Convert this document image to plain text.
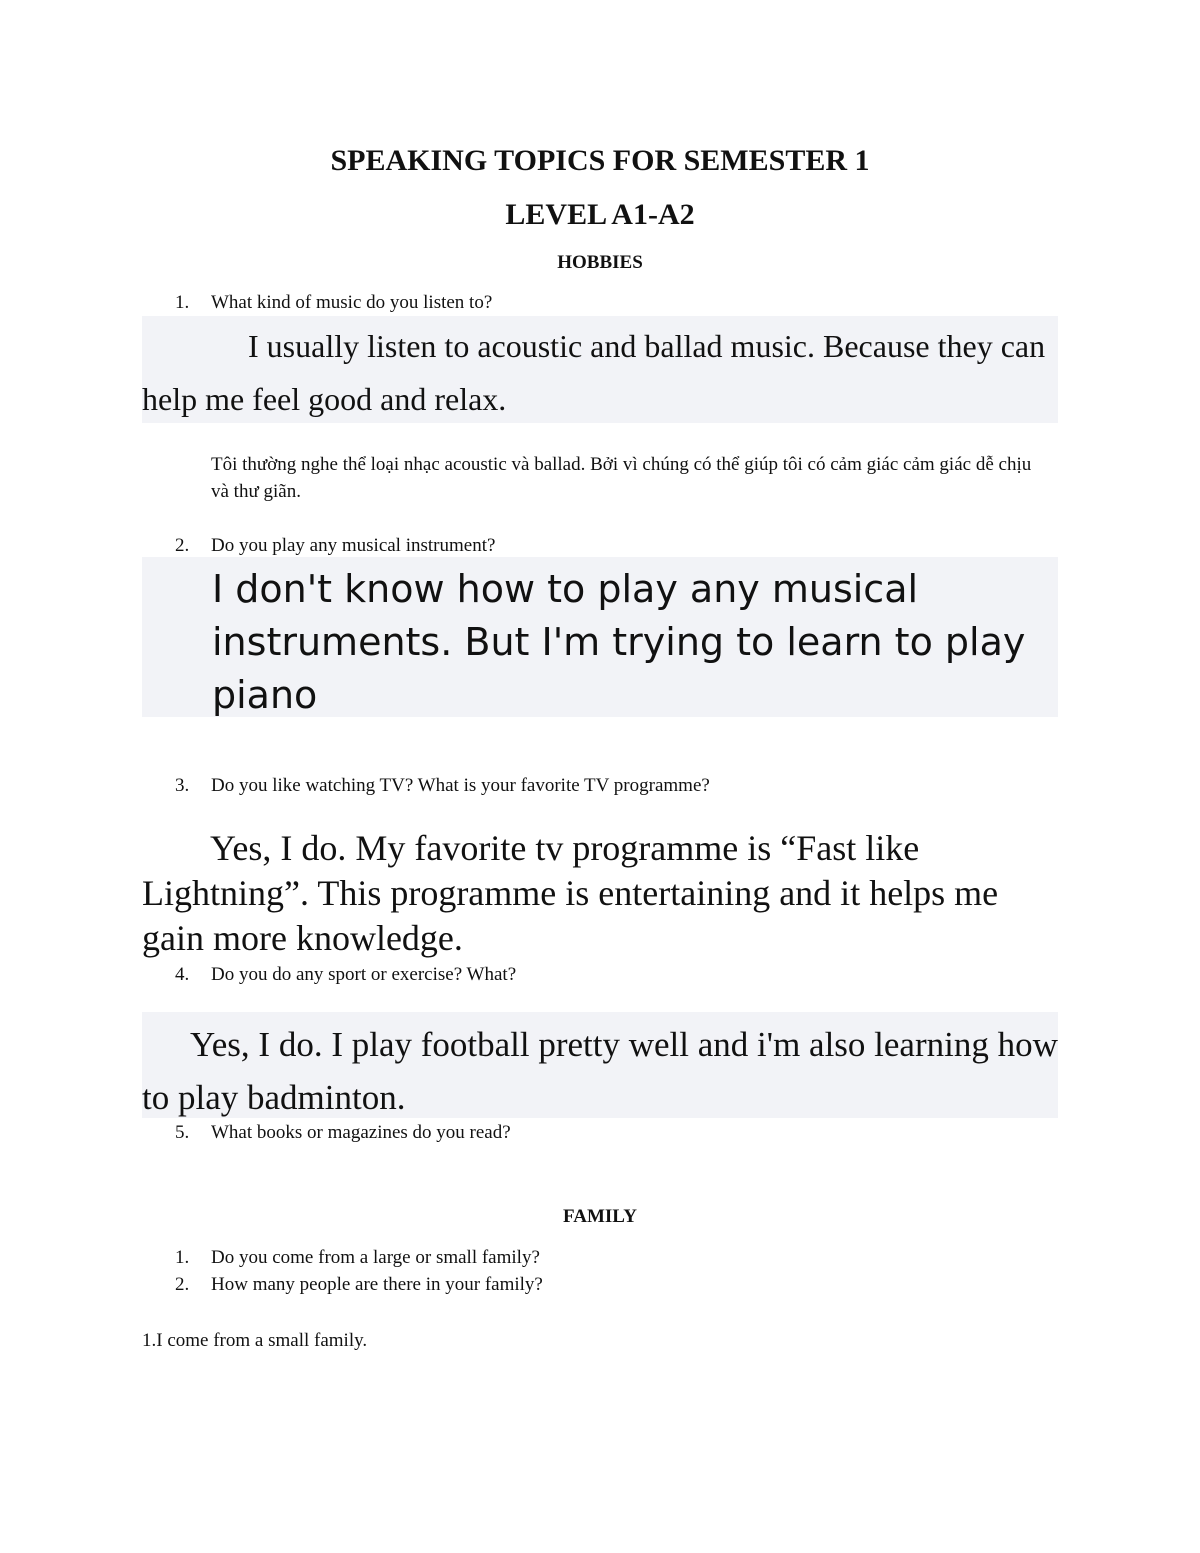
SPEAKING TOPICS FOR SEMESTER 1
LEVEL A1-A2
HOBBIES

1. What kind of music do you listen to?

I usually listen to acoustic and ballad music. Because they can help me feel good and relax.

Tôi thường nghe thể loại nhạc acoustic và ballad. Bởi vì chúng có thể giúp tôi có cảm giác cảm giác dễ chịu và thư giãn.

2. Do you play any musical instrument?

I don't know how to play any musical instruments. But I'm trying to learn to play piano

3. Do you like watching TV? What is your favorite TV programme?

Yes, I do. My favorite tv programme is “Fast like Lightning”. This programme is entertaining and it helps me gain more knowledge.

4. Do you do any sport or exercise? What?

Yes, I do. I play football pretty well and i'm also learning how to play badminton.

5. What books or magazines do you read?

FAMILY

1. Do you come from a large or small family?

2. How many people are there in your family?

1.I come from a small family.
